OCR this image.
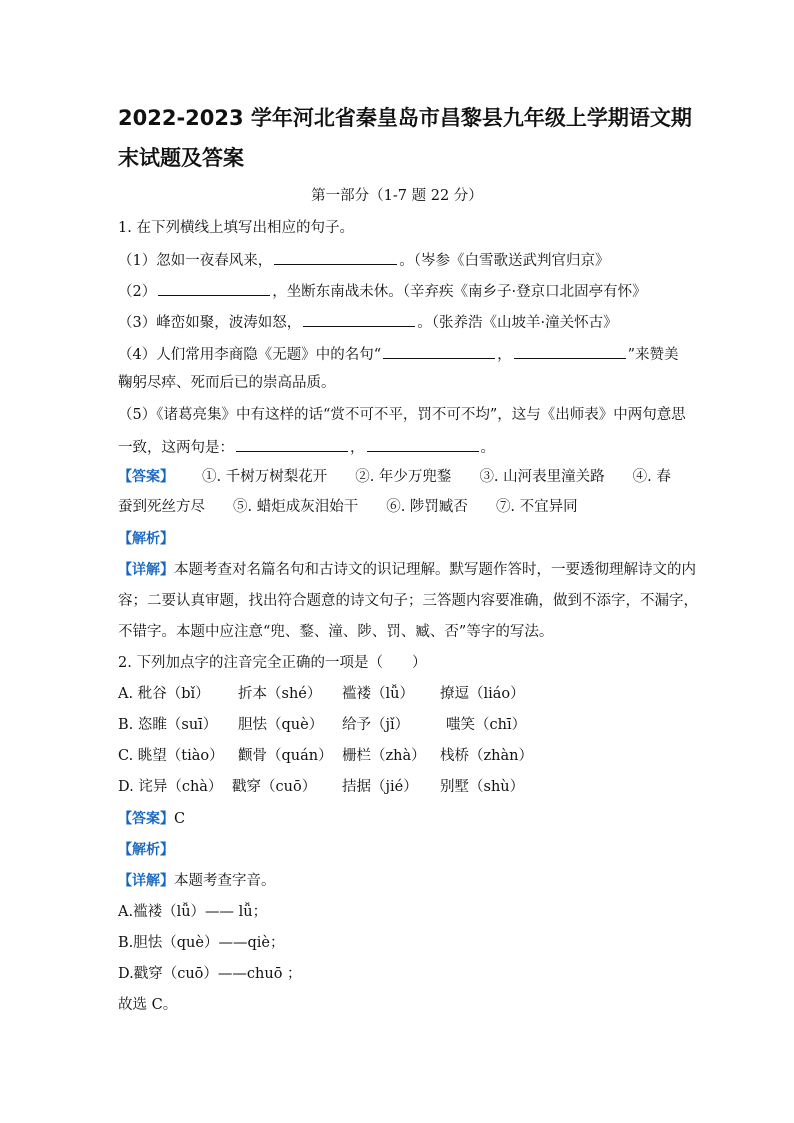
2022-2023 学年河北省秦皇岛市昌黎县九年级上学期语文期
末试题及答案
第一部分（1-7 题 22 分）
1. 在下列横线上填写出相应的句子。
（1）忽如一夜春风来，	。（岑参《白雪歌送武判官归京》
（2）	，坐断东南战未休。（辛弃疾《南乡子·登京口北固亭有怀》
（3）峰峦如聚，波涛如怒，	。（张养浩《山坡羊·潼关怀古》
（4）人们常用李商隐《无题》中的名句“	，	”来赞美
鞠躬尽瘁、死而后已的崇高品质。
（5）《诸葛亮集》中有这样的话“赏不可不平，罚不可不均”，这与《出师表》中两句意思
一致，这两句是：	，	。
【答案】 ①. 千树万树梨花开 ②. 年少万兜鍪 ③. 山河表里潼关路 ④. 春
蚕到死丝方尽 ⑤. 蜡炬成灰泪始干 ⑥. 陟罚臧否 ⑦. 不宜异同
【解析】
【详解】本题考查对名篇名句和古诗文的识记理解。默写题作答时，一要透彻理解诗文的内
容；二要认真审题，找出符合题意的诗文句子；三答题内容要准确，做到不添字，不漏字，
不错字。本题中应注意“兜、鍪、潼、陟、罚、臧、否”等字的写法。
2. 下列加点字的注音完全正确的一项是（　　）
A. 秕谷（bǐ） 折本（shé） 褴褛（lǚ） 撩逗（liáo）
B. 恣睢（suī） 胆怯（què） 给予（jǐ）	嗤笑（chī）
C. 眺望（tiào） 颧骨（quán） 栅栏（zhà） 栈桥（zhàn）
D. 诧异（chà） 戳穿（cuō） 拮据（jié） 别墅（shù）
【答案】C
【解析】
【详解】本题考查字音。
A.褴褛（lǚ）—— lǚ；
B.胆怯（què）——qiè；
D.戳穿（cuō）——chuō ；
故选 C。
